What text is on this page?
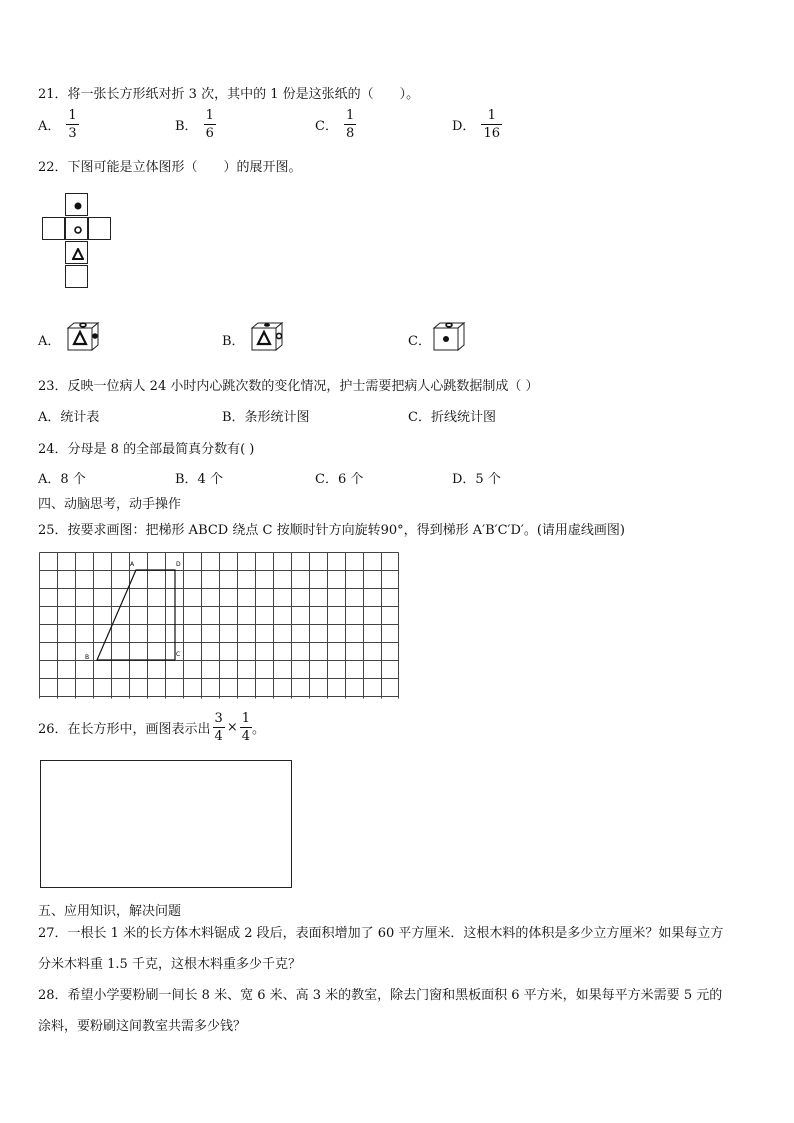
21．将一张长方形纸对折 3 次，其中的 1 份是这张纸的（　　）。
A． $\frac{1}{3}$	B． $\frac{1}{6}$	C． $\frac{1}{8}$	D． $\frac{1}{16}$
22．下图可能是立体图形（　　）的展开图。
A．	B．	C．
23．反映一位病人 24 小时内心跳次数的变化情况，护士需要把病人心跳数据制成（ ）
A．统计表	B．条形统计图	C．折线统计图
24．分母是 8 的全部最简真分数有( )
A．8 个	B．4 个	C．6 个	D．5 个
四、动脑思考，动手操作
25．按要求画图：把梯形 ABCD 绕点 C 按顺时针方向旋转90°，得到梯形 A′B′C′D′。(请用虚线画图)
A	D
B	C
26．在长方形中，画图表示出 $\frac{3}{4} \times \frac{1}{4}$ 。
五、应用知识，解决问题
27．一根长 1 米的长方体木料锯成 2 段后，表面积增加了 60 平方厘米．这根木料的体积是多少立方厘米？如果每立方
分米木料重 1.5 千克，这根木料重多少千克？
28．希望小学要粉刷一间长 8 米、宽 6 米、高 3 米的教室，除去门窗和黑板面积 6 平方米，如果每平方米需要 5 元的
涂料，要粉刷这间教室共需多少钱？
